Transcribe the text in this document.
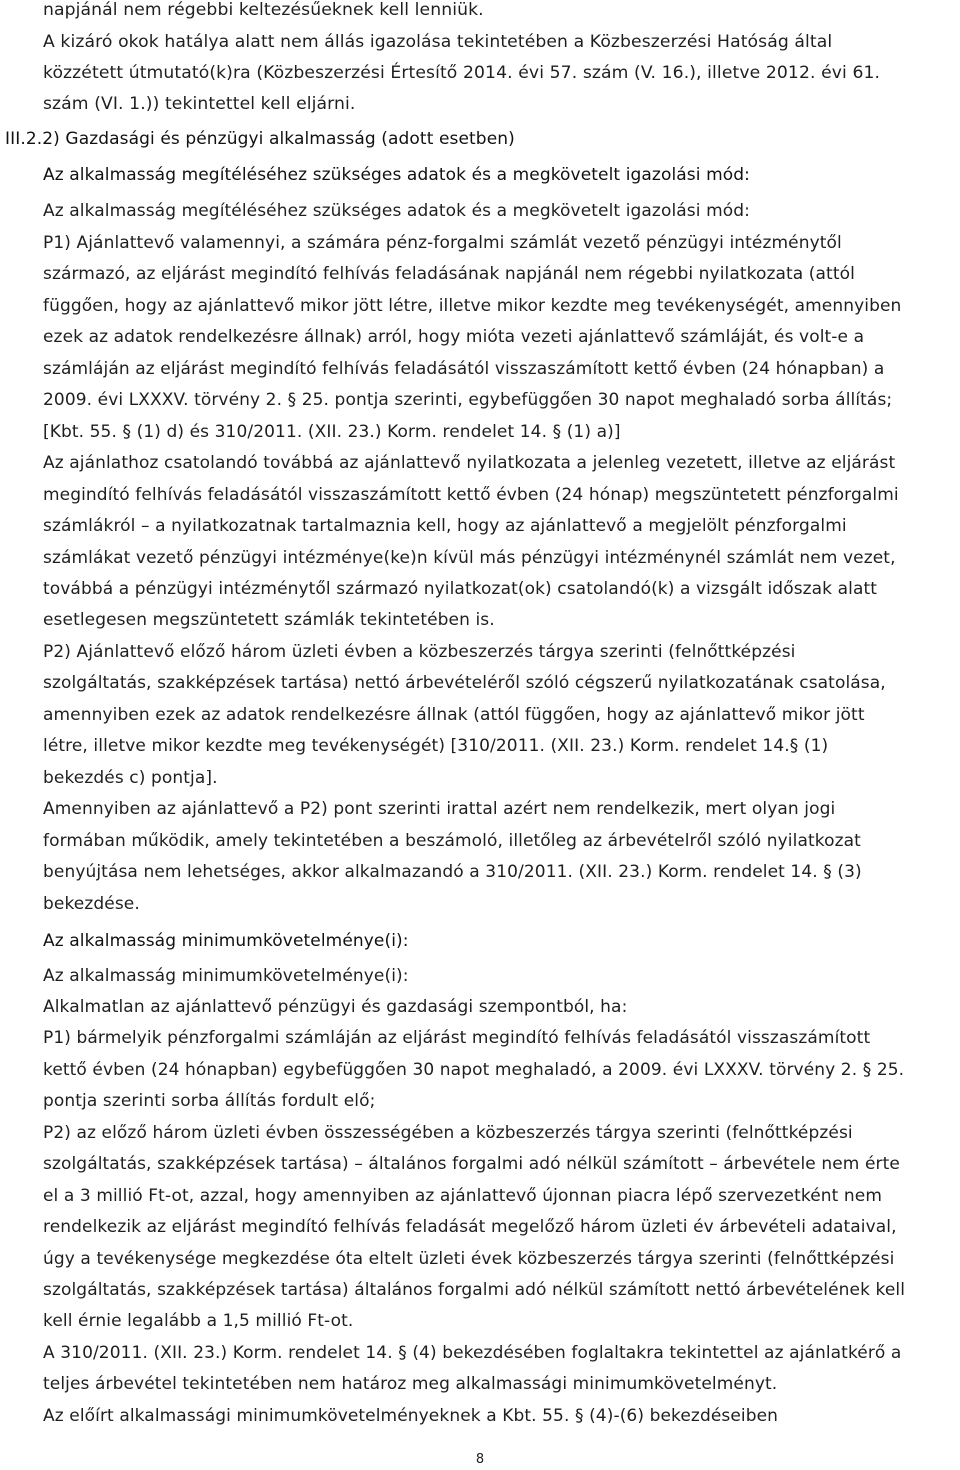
napjánál nem régebbi keltezésűeknek kell lenniük.
A kizáró okok hatálya alatt nem állás igazolása tekintetében a Közbeszerzési Hatóság által
közzétett útmutató(k)ra (Közbeszerzési Értesítő 2014. évi 57. szám (V. 16.), illetve 2012. évi 61.
szám (VI. 1.)) tekintettel kell eljárni.
III.2.2) Gazdasági és pénzügyi alkalmasság (adott esetben)
Az alkalmasság megítéléséhez szükséges adatok és a megkövetelt igazolási mód:
Az alkalmasság megítéléséhez szükséges adatok és a megkövetelt igazolási mód:
P1) Ajánlattevő valamennyi, a számára pénz-forgalmi számlát vezető pénzügyi intézménytől
származó, az eljárást megindító felhívás feladásának napjánál nem régebbi nyilatkozata (attól
függően, hogy az ajánlattevő mikor jött létre, illetve mikor kezdte meg tevékenységét, amennyiben
ezek az adatok rendelkezésre állnak) arról, hogy mióta vezeti ajánlattevő számláját, és volt-e a
számláján az eljárást megindító felhívás feladásától visszaszámított kettő évben (24 hónapban) a
2009. évi LXXXV. törvény 2. § 25. pontja szerinti, egybefüggően 30 napot meghaladó sorba állítás;
[Kbt. 55. § (1) d) és 310/2011. (XII. 23.) Korm. rendelet 14. § (1) a)]
Az ajánlathoz csatolandó továbbá az ajánlattevő nyilatkozata a jelenleg vezetett, illetve az eljárást
megindító felhívás feladásától visszaszámított kettő évben (24 hónap) megszüntetett pénzforgalmi
számlákról – a nyilatkozatnak tartalmaznia kell, hogy az ajánlattevő a megjelölt pénzforgalmi
számlákat vezető pénzügyi intézménye(ke)n kívül más pénzügyi intézménynél számlát nem vezet,
továbbá a pénzügyi intézménytől származó nyilatkozat(ok) csatolandó(k) a vizsgált időszak alatt
esetlegesen megszüntetett számlák tekintetében is.
P2) Ajánlattevő előző három üzleti évben a közbeszerzés tárgya szerinti (felnőttképzési
szolgáltatás, szakképzések tartása) nettó árbevételéről szóló cégszerű nyilatkozatának csatolása,
amennyiben ezek az adatok rendelkezésre állnak (attól függően, hogy az ajánlattevő mikor jött
létre, illetve mikor kezdte meg tevékenységét) [310/2011. (XII. 23.) Korm. rendelet 14.§ (1)
bekezdés c) pontja].
Amennyiben az ajánlattevő a P2) pont szerinti irattal azért nem rendelkezik, mert olyan jogi
formában működik, amely tekintetében a beszámoló, illetőleg az árbevételről szóló nyilatkozat
benyújtása nem lehetséges, akkor alkalmazandó a 310/2011. (XII. 23.) Korm. rendelet 14. § (3)
bekezdése.
Az alkalmasság minimumkövetelménye(i):
Az alkalmasság minimumkövetelménye(i):
Alkalmatlan az ajánlattevő pénzügyi és gazdasági szempontból, ha:
P1) bármelyik pénzforgalmi számláján az eljárást megindító felhívás feladásától visszaszámított
kettő évben (24 hónapban) egybefüggően 30 napot meghaladó, a 2009. évi LXXXV. törvény 2. § 25.
pontja szerinti sorba állítás fordult elő;
P2) az előző három üzleti évben összességében a közbeszerzés tárgya szerinti (felnőttképzési
szolgáltatás, szakképzések tartása) – általános forgalmi adó nélkül számított – árbevétele nem érte
el a 3 millió Ft-ot, azzal, hogy amennyiben az ajánlattevő újonnan piacra lépő szervezetként nem
rendelkezik az eljárást megindító felhívás feladását megelőző három üzleti év árbevételi adataival,
úgy a tevékenysége megkezdése óta eltelt üzleti évek közbeszerzés tárgya szerinti (felnőttképzési
szolgáltatás, szakképzések tartása) általános forgalmi adó nélkül számított nettó árbevételének kell
kell érnie legalább a 1,5 millió Ft-ot.
A 310/2011. (XII. 23.) Korm. rendelet 14. § (4) bekezdésében foglaltakra tekintettel az ajánlatkérő a
teljes árbevétel tekintetében nem határoz meg alkalmassági minimumkövetelményt.
Az előírt alkalmassági minimumkövetelményeknek a Kbt. 55. § (4)-(6) bekezdéseiben
8
